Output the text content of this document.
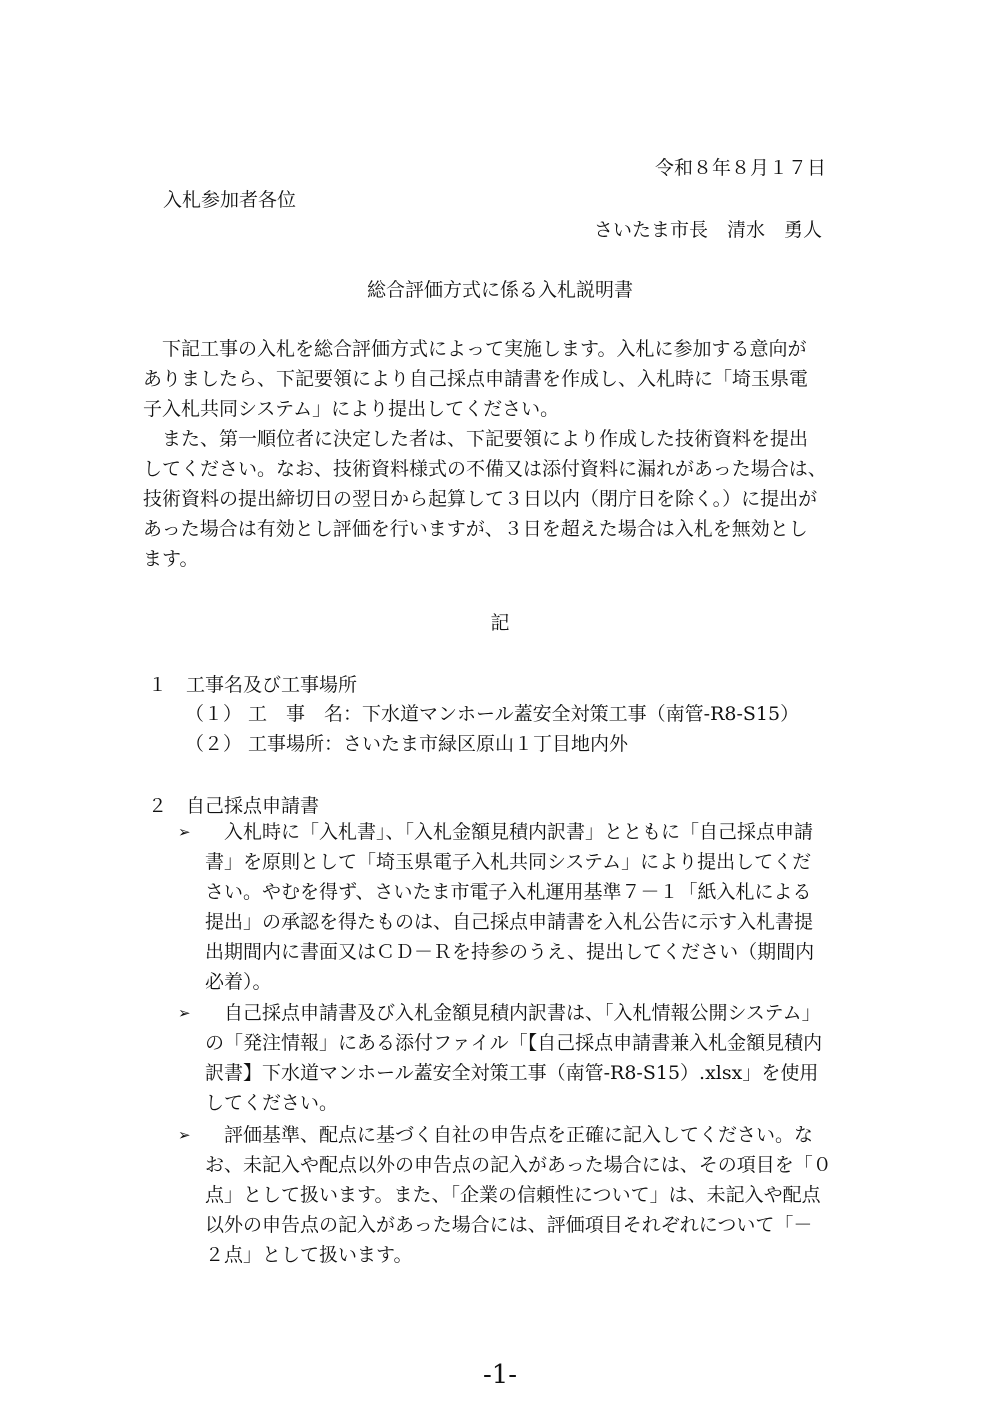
令和８年８月１７日
入札参加者各位
さいたま市長　清水　勇人
総合評価方式に係る入札説明書
　下記工事の入札を総合評価方式によって実施します。入札に参加する意向が
ありましたら、下記要領により自己採点申請書を作成し、入札時に「埼玉県電
子入札共同システム」により提出してください。
　また、第一順位者に決定した者は、下記要領により作成した技術資料を提出
してください。なお、技術資料様式の不備又は添付資料に漏れがあった場合は、
技術資料の提出締切日の翌日から起算して３日以内（閉庁日を除く。）に提出が
あった場合は有効とし評価を行いますが、３日を超えた場合は入札を無効とし
ます。
記
１　工事名及び工事場所
（１） 工　事　名：下水道マンホール蓋安全対策工事（南管-R8-S15）
（２） 工事場所：さいたま市緑区原山１丁目地内外
２　自己採点申請書
➢ 　入札時に「入札書」、「入札金額見積内訳書」とともに「自己採点申請
書」を原則として「埼玉県電子入札共同システム」により提出してくだ
さい。やむを得ず、さいたま市電子入札運用基準７－１「紙入札による
提出」の承認を得たものは、自己採点申請書を入札公告に示す入札書提
出期間内に書面又はＣＤ－Ｒを持参のうえ、提出してください（期間内
必着）。
➢ 　自己採点申請書及び入札金額見積内訳書は、「入札情報公開システム」
の「発注情報」にある添付ファイル「【自己採点申請書兼入札金額見積内
訳書】下水道マンホール蓋安全対策工事（南管-R8-S15）.xlsx」を使用
してください。
➢ 　評価基準、配点に基づく自社の申告点を正確に記入してください。な
お、未記入や配点以外の申告点の記入があった場合には、その項目を「０
点」として扱います。また、「企業の信頼性について」は、未記入や配点
以外の申告点の記入があった場合には、評価項目それぞれについて「－
２点」として扱います。
-1-
